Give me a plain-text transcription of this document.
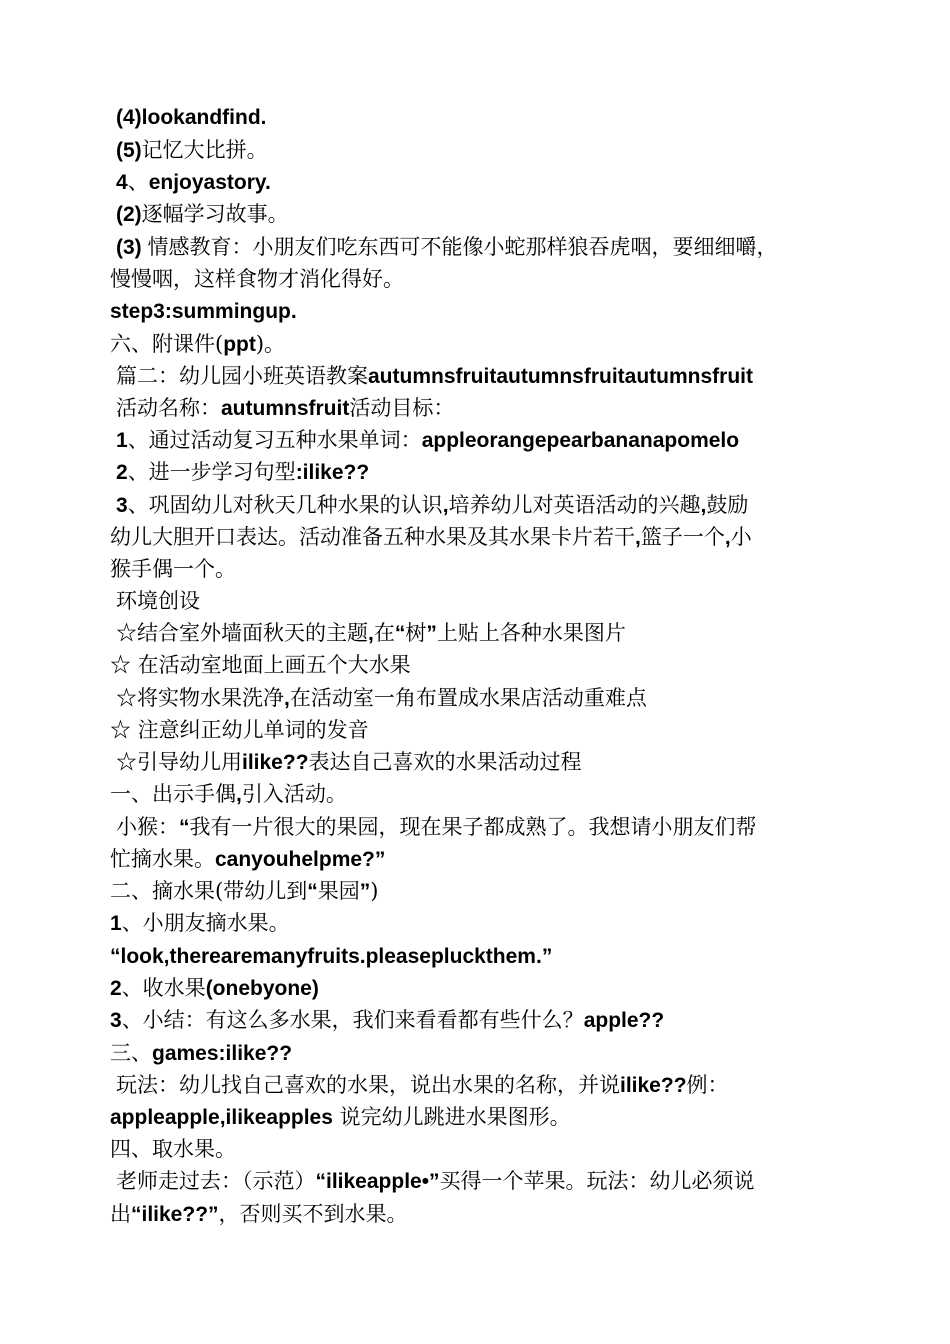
(4)lookandfind.
(5)记忆大比拼。
4、enjoyastory.
(2)逐幅学习故事。
(3) 情感教育：小朋友们吃东西可不能像小蛇那样狼吞虎咽，要细细嚼，
慢慢咽，这样食物才消化得好。
step3:summingup.
六、附课件(ppt)。
篇二：幼儿园小班英语教案autumnsfruitautumnsfruitautumnsfruit
活动名称：autumnsfruit活动目标：
1、通过活动复习五种水果单词：appleorangepearbananapomelo
2、进一步学习句型:ilike??
3、巩固幼儿对秋天几种水果的认识,培养幼儿对英语活动的兴趣,鼓励
幼儿大胆开口表达。活动准备五种水果及其水果卡片若干,篮子一个,小
猴手偶一个。
环境创设
☆结合室外墙面秋天的主题,在“树”上贴上各种水果图片
☆ 在活动室地面上画五个大水果
☆将实物水果洗净,在活动室一角布置成水果店活动重难点
☆ 注意纠正幼儿单词的发音
☆引导幼儿用ilike??表达自己喜欢的水果活动过程
一、出示手偶,引入活动。
小猴：“我有一片很大的果园，现在果子都成熟了。我想请小朋友们帮
忙摘水果。canyouhelpme?”
二、摘水果(带幼儿到“果园”)
1、小朋友摘水果。
“look,therearemanyfruits.pleasepluckthem.”
2、收水果(onebyone)
3、小结：有这么多水果，我们来看看都有些什么？apple??
三、games:ilike??
玩法：幼儿找自己喜欢的水果，说出水果的名称，并说ilike??例：
appleapple,ilikeapples 说完幼儿跳进水果图形。
四、取水果。
老师走过去：（示范）“ilikeapple•”买得一个苹果。玩法：幼儿必须说
出“ilike??”，否则买不到水果。
